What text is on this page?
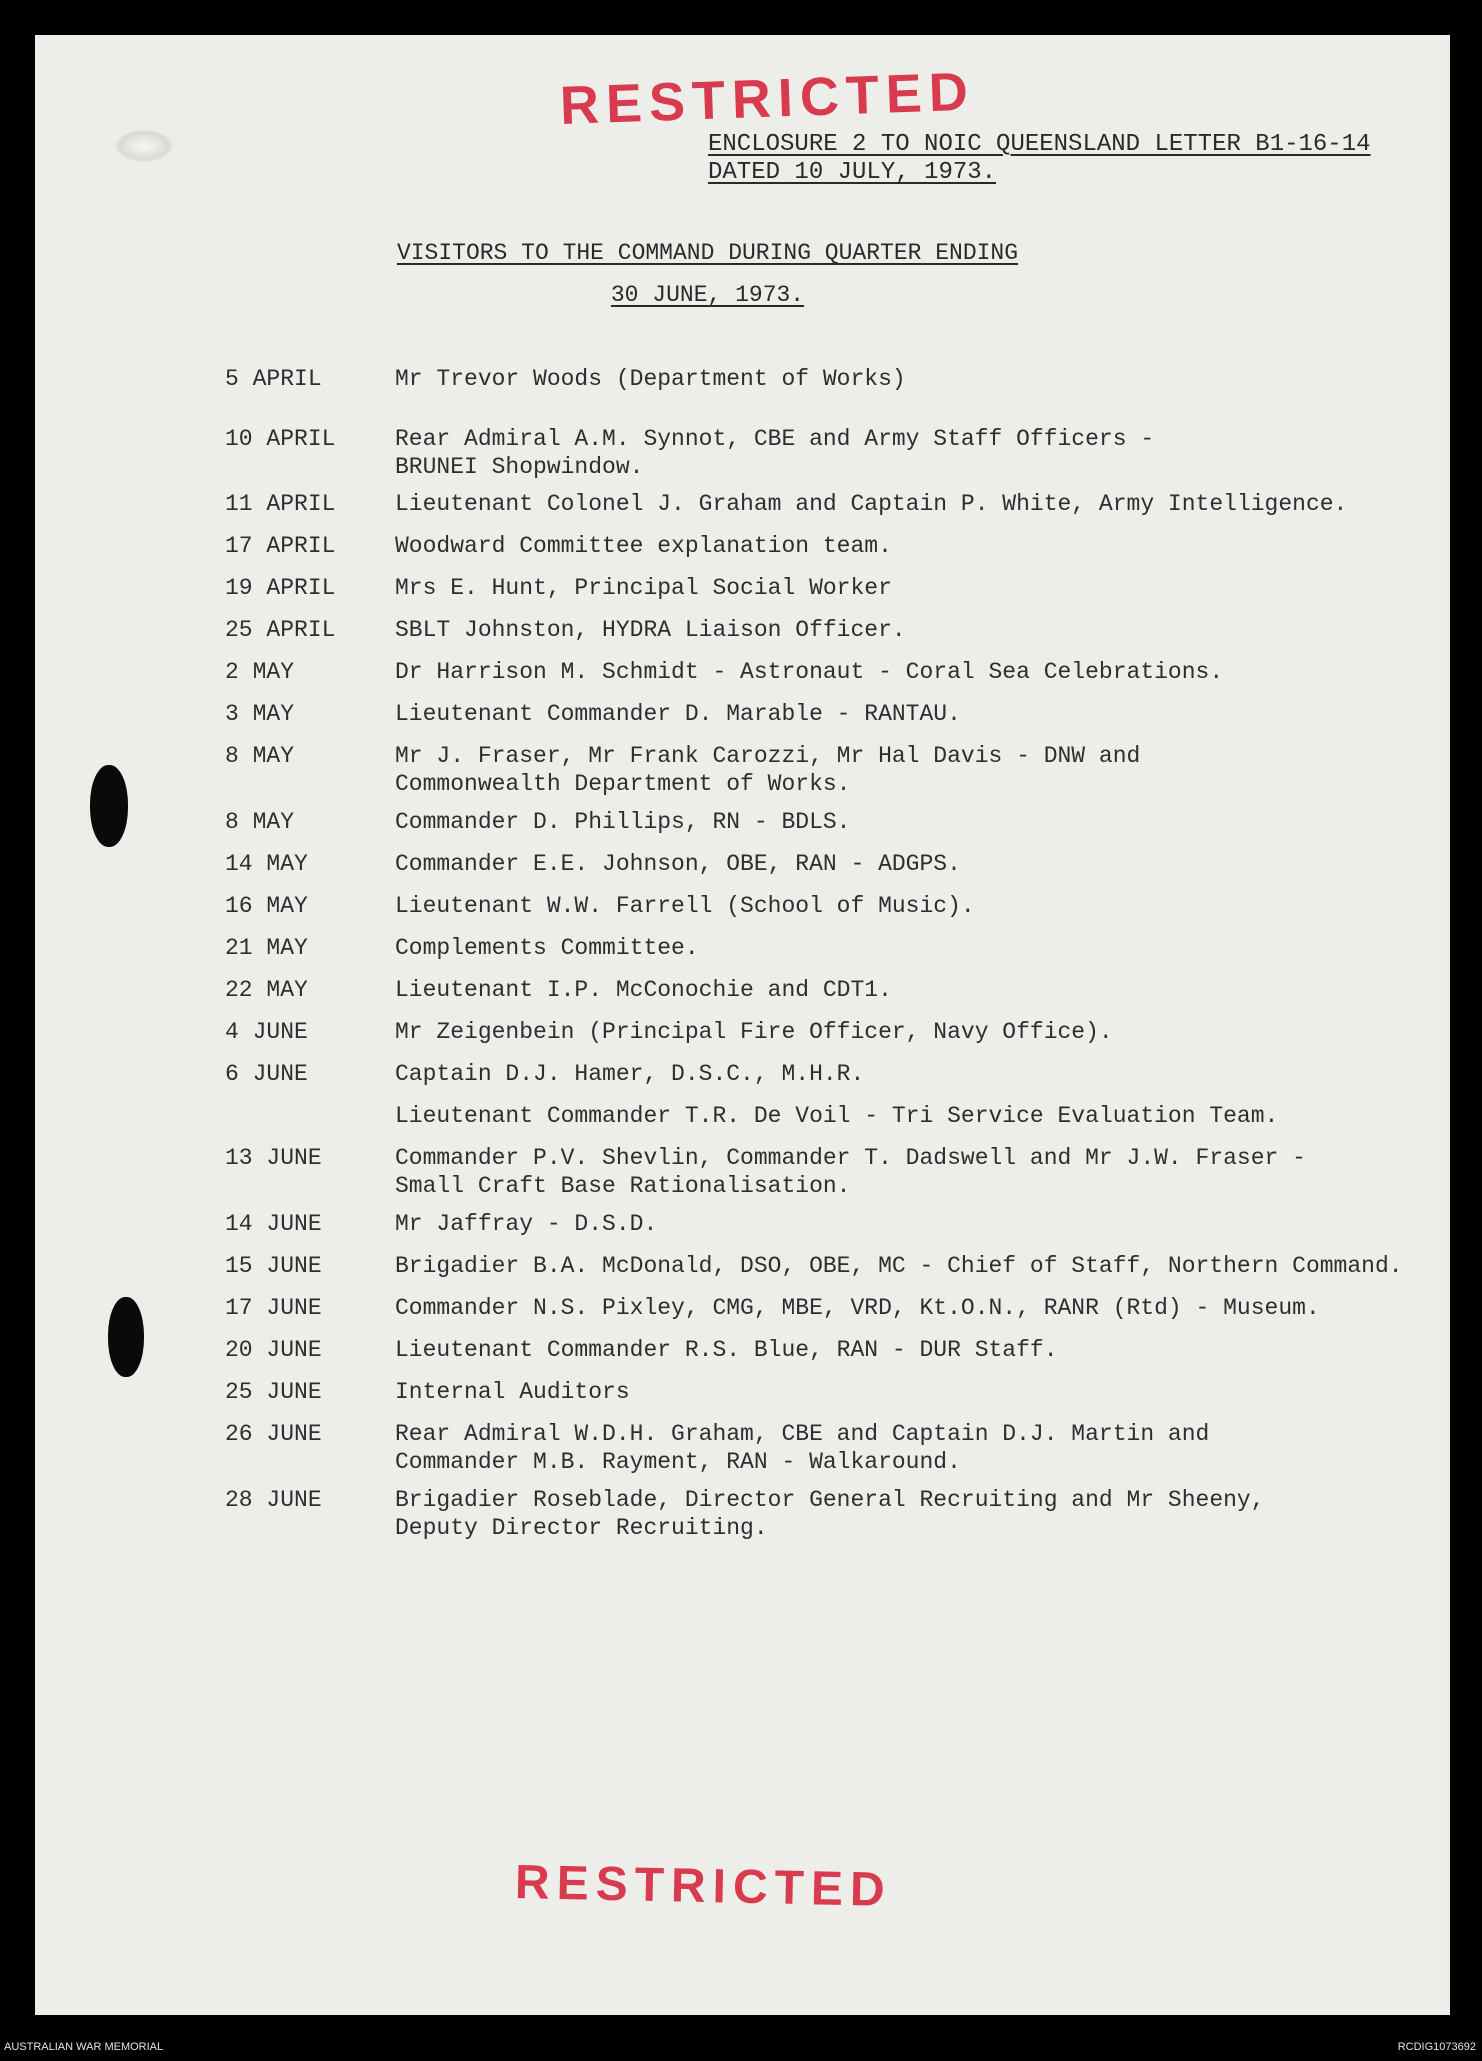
RESTRICTED
ENCLOSURE 2 TO NOIC QUEENSLAND LETTER B1-16-14
DATED 10 JULY, 1973.
VISITORS TO THE COMMAND DURING QUARTER ENDING
30 JUNE, 1973.
5 APRIL	Mr Trevor Woods (Department of Works)
10 APRIL	Rear Admiral A.M. Synnot, CBE and Army Staff Officers -
BRUNEI Shopwindow.
11 APRIL	Lieutenant Colonel J. Graham and Captain P. White, Army Intelligence.
17 APRIL	Woodward Committee explanation team.
19 APRIL	Mrs E. Hunt, Principal Social Worker
25 APRIL	SBLT Johnston, HYDRA Liaison Officer.
2 MAY	Dr Harrison M. Schmidt - Astronaut - Coral Sea Celebrations.
3 MAY	Lieutenant Commander D. Marable - RANTAU.
8 MAY	Mr J. Fraser, Mr Frank Carozzi, Mr Hal Davis - DNW and
Commonwealth Department of Works.
8 MAY	Commander D. Phillips, RN - BDLS.
14 MAY	Commander E.E. Johnson, OBE, RAN - ADGPS.
16 MAY	Lieutenant W.W. Farrell (School of Music).
21 MAY	Complements Committee.
22 MAY	Lieutenant I.P. McConochie and CDT1.
4 JUNE	Mr Zeigenbein (Principal Fire Officer, Navy Office).
6 JUNE	Captain D.J. Hamer, D.S.C., M.H.R.
Lieutenant Commander T.R. De Voil - Tri Service Evaluation Team.
13 JUNE	Commander P.V. Shevlin, Commander T. Dadswell and Mr J.W. Fraser -
Small Craft Base Rationalisation.
14 JUNE	Mr Jaffray - D.S.D.
15 JUNE	Brigadier B.A. McDonald, DSO, OBE, MC - Chief of Staff, Northern Command.
17 JUNE	Commander N.S. Pixley, CMG, MBE, VRD, Kt.O.N., RANR (Rtd) - Museum.
20 JUNE	Lieutenant Commander R.S. Blue, RAN - DUR Staff.
25 JUNE	Internal Auditors
26 JUNE	Rear Admiral W.D.H. Graham, CBE and Captain D.J. Martin and
Commander M.B. Rayment, RAN - Walkaround.
28 JUNE	Brigadier Roseblade, Director General Recruiting and Mr Sheeny,
Deputy Director Recruiting.
RESTRICTED
AUSTRALIAN WAR MEMORIAL	RCDIG1073692
